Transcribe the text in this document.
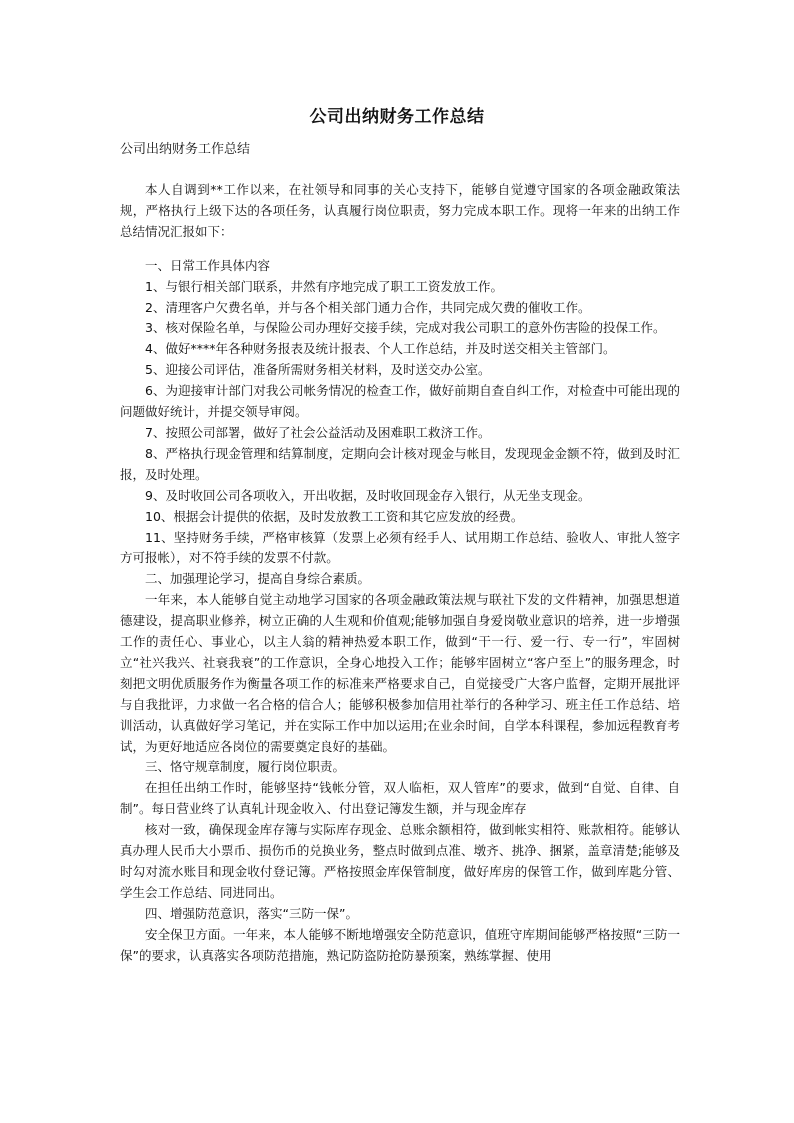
公司出纳财务工作总结
公司出纳财务工作总结

本人自调到**工作以来，在社领导和同事的关心支持下，能够自觉遵守国家的各项金融政策法规，严格执行上级下达的各项任务，认真履行岗位职责，努力完成本职工作。现将一年来的出纳工作总结情况汇报如下：

一、日常工作具体内容

1、与银行相关部门联系，井然有序地完成了职工工资发放工作。

2、清理客户欠费名单，并与各个相关部门通力合作，共同完成欠费的催收工作。

3、核对保险名单，与保险公司办理好交接手续，完成对我公司职工的意外伤害险的投保工作。

4、做好****年各种财务报表及统计报表、个人工作总结，并及时送交相关主管部门。

5、迎接公司评估，准备所需财务相关材料，及时送交办公室。

6、为迎接审计部门对我公司帐务情况的检查工作，做好前期自查自纠工作，对检查中可能出现的问题做好统计，并提交领导审阅。

7、按照公司部署，做好了社会公益活动及困难职工救济工作。

8、严格执行现金管理和结算制度，定期向会计核对现金与帐目，发现现金金额不符，做到及时汇报，及时处理。

9、及时收回公司各项收入，开出收据，及时收回现金存入银行，从无坐支现金。

10、根据会计提供的依据，及时发放教工工资和其它应发放的经费。

11、坚持财务手续，严格审核算（发票上必须有经手人、试用期工作总结、验收人、审批人签字方可报帐），对不符手续的发票不付款。

二、加强理论学习，提高自身综合素质。

一年来，本人能够自觉主动地学习国家的各项金融政策法规与联社下发的文件精神，加强思想道德建设，提高职业修养，树立正确的人生观和价值观;能够加强自身爱岗敬业意识的培养，进一步增强工作的责任心、事业心，以主人翁的精神热爱本职工作，做到“干一行、爱一行、专一行”，牢固树立“社兴我兴、社衰我衰”的工作意识，全身心地投入工作；能够牢固树立“客户至上”的服务理念，时刻把文明优质服务作为衡量各项工作的标准来严格要求自己，自觉接受广大客户监督，定期开展批评与自我批评，力求做一名合格的信合人；能够积极参加信用社举行的各种学习、班主任工作总结、培训活动，认真做好学习笔记，并在实际工作中加以运用;在业余时间，自学本科课程，参加远程教育考试，为更好地适应各岗位的需要奠定良好的基础。

三、恪守规章制度，履行岗位职责。

在担任出纳工作时，能够坚持“钱帐分管，双人临柜，双人管库”的要求，做到“自觉、自律、自制”。每日营业终了认真轧计现金收入、付出登记簿发生额，并与现金库存

核对一致，确保现金库存簿与实际库存现金、总账余额相符，做到帐实相符、账款相符。能够认真办理人民币大小票币、损伤币的兑换业务，整点时做到点准、墩齐、挑净、捆紧，盖章清楚;能够及时勾对流水账目和现金收付登记簿。严格按照金库保管制度，做好库房的保管工作，做到库匙分管、学生会工作总结、同进同出。

四、增强防范意识，落实“三防一保”。

安全保卫方面。一年来，本人能够不断地增强安全防范意识，值班守库期间能够严格按照“三防一保”的要求，认真落实各项防范措施，熟记防盗防抢防暴预案，熟练掌握、使用
